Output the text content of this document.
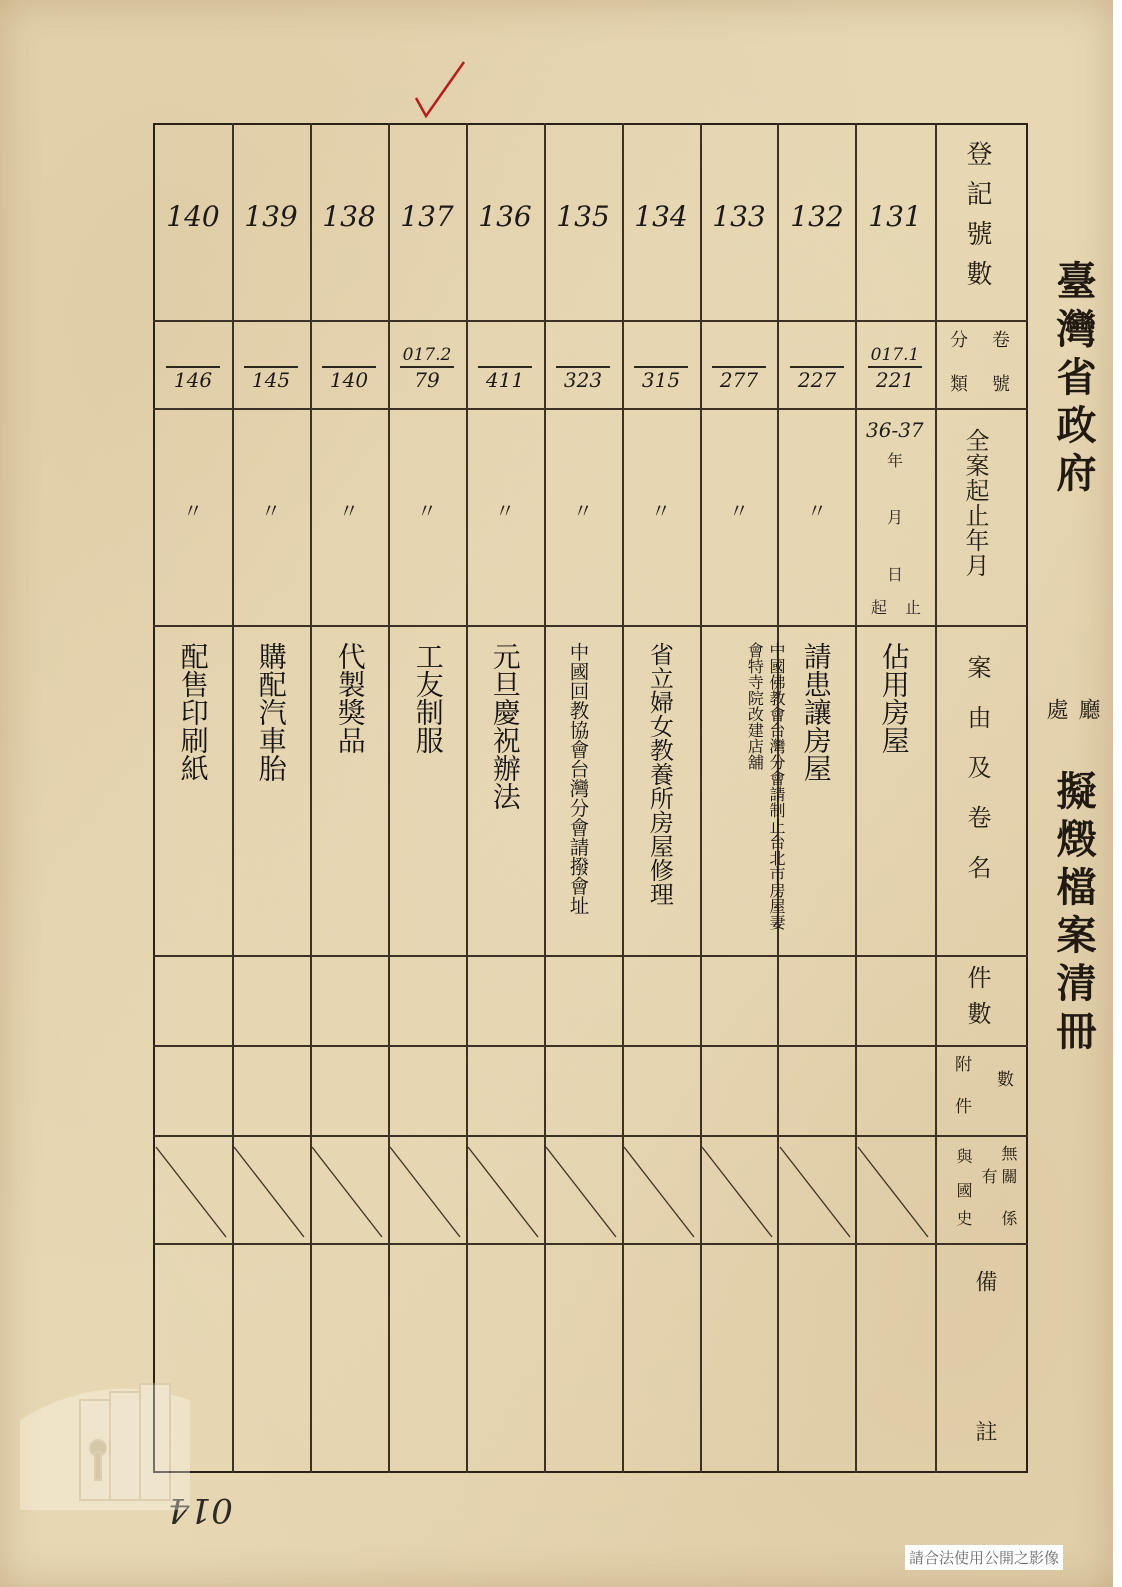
臺灣省政府
廳
處
擬燬檔案清冊
登記號數
卷
號
分
類
全案起止年月
案由及卷名
件數
附
件
數
無
有 關
係
與
國
史
備
註
131
132
133
134
135
136
137
138
139
140
017.1
017.2
221
227
277
315
323
411
79
140
145
146
36-37
年
月
日
止
起
〃
〃
〃
〃
〃
〃
〃
〃
〃
佔用房屋
請患讓房屋
中國佛教會台灣分會請制止台北市房屋妻會特寺院改建店舖
省立婦女教養所房屋修理
中國回教協會台灣分會請撥會址
元旦慶祝辦法
工友制服
代製獎品
購配汽車胎
配售印刷紙
014
請合法使用公開之影像
